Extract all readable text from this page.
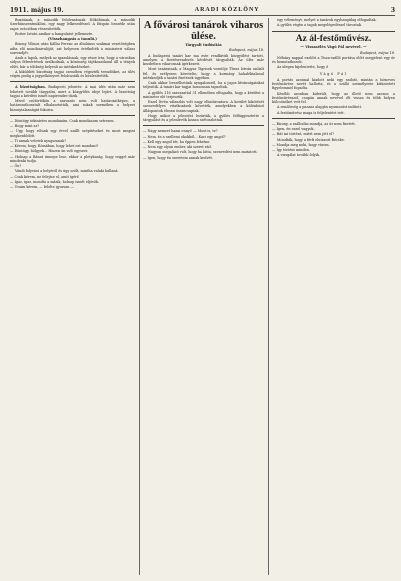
1911. május 19.	ARADI KÖZLÖNY	3

Buzitának, a második felolvasásnak Hőköbának, a második Szerbánszentmiklósi, egy nagy lelkesedéssel. A föispán beszéde után zajos ovációban részesítették.

Rotter István amikor a hangulatot jellemezte.

(Visszhangzás a tanuló.)

Bizony Vilmos után Kállai Ferenc az általános szakmai vezetőségben adta elő mondanivalóját, azt helyesen értékelték a miniszteri válasz sorrendjét.

Azok a lapok, melyek az igazolásnak, egy része írta, hogy a városban súlyos félreértések uralkodnak, a közönség tájékozatlanul áll a tények előtt, bár a többség helyesli az intézkedéseket.

A kiküldött bizottság tagjai csendben végezték teendőiket, az ülés végén pedig a jegyzőkönyvet felolvasták és hitelesítették.

A bizottságban. Budapesti jelentés: A mai ülés után már nem lehetett tovább tárgyalni, mert a közgyűlés ideje lejárt. A bizottság tagjai a kérdést ismét napirendre tűzik.

Mivel csütörtökön a szavazás nem volt határozatképes, a határozathozatalt elhalasztották, ami sokak szemében a helyzet bizonytalanságát fokozta.

— Döntögy tekintetes mondanám. Csak mondanom szívesen.

— Hogy mint az?

— Úgy, hogy rólunk egy évvel szállt szépítéseket és most megint megkezdődött.

— Ti annak veletek nyugszanak?

— Kérem, hogy, Rómában, hogy lehet ezt mondani?

— Döntögy, hölgyek... Hiszen ön volt egyszer.

— Holnap a Bánat ünnepe lesz, ekkor a pletykaság, hogy reggel már mindenki tudja.

— Ön?

Vándi folyvást a helyéről és úgy szólt, mintha valaki hallaná.

— Csak kérem, ne felejtse el, amit ígért!

— Igaz, igaz, mondta a másik, holnap ismét eljövök.

— Uraim kérem, — felelte gyorsan —

A fővárosi tanárok viharos ülése.
Tárgyalt tudósítás
Budapest, május 18.

A budapesti tanári kar ma este rendkívüli közgyűlést tartott, amelyen a fizetésrendezés kérdését tárgyalták. Az ülés már kezdetben viharosnak ígérkezett.

Most tanárainak, a Magyar Tigrisek vezetője Thesz István szólalt fel, és erélyesen követelte, hogy a kormány haladéktalanul intézkedjék a tanári fizetések ügyében.

Csak akkor beszélhetünk nyugalomról, ha a jogos kívánságainkat teljesítik. A tanári kar tagjai hosszasan tapsoltak.

A gyűlés 116 szavazattal 31 ellenében elfogadta, hogy a kérdést a miniszter elé terjesztik.

Ezzel lévén válaszlás volt nagy elhatározásra. A kerület kikötését szenvedélyes vitatkozások követték, amelyekben a különböző álláspontok élesen összecsaptak.

Hogy mikor a jelentést lezárták, a gyűlés felfüggesztette a tárgyalást és a jelenlevők lassan szétoszlottak.

— Nagy nemzet hazai ennyi! — Most is, te?

— Nem, és a szellemi okokból... Kari egy angol?

— Kell egy angol tér, ha éppen lehetne.

— Nem egy olyan ember, aki szeret rád.

Nagyon megalázó volt, hogy ha látta, szenvedést nem mutatott.

— Igen, hogy én szeretem annak kedvét.

egy véleményt, melyet a tanárok egyhangúlag elfogadtak.

A gyűlés végén a tagok megelégedéssel távoztak.

Az ál-festőművész.
— Visszaélés Vágó Pál nevével. —
Budapest, május 18.

Néhány nappal ezelőtt a Tisza-szálló portása előtt megjelent egy úr és bemutatkozott.

Az idegen kijelentette, hogy ő

Vágó Pál

A portás azonnal kiadott neki egy szobát, miután a hírneves festőművész nevét hallotta, és a szálló személyzete kitüntetett figyelemmel fogadta.

Később azonban kiderült, hogy az illető nem azonos a festőművésszel, csupán annak nevével élt vissza és több helyen kölcsönöket vett fel.

A rendőrség a panasz alapján nyomozást indított.

A festőművész maga is feljelentést tett.

— Bizony, a szállodás mondja, az úr nem fizetett.

— Igen, én ezzel vagyok.

— Hát mi történt, miért nem jött el?

Mondták, hogy a férfi elutazott Bécsbe.

— Mondja meg neki, hogy várom.

— Így történt minden.

A vizsgálat tovább folyik.
